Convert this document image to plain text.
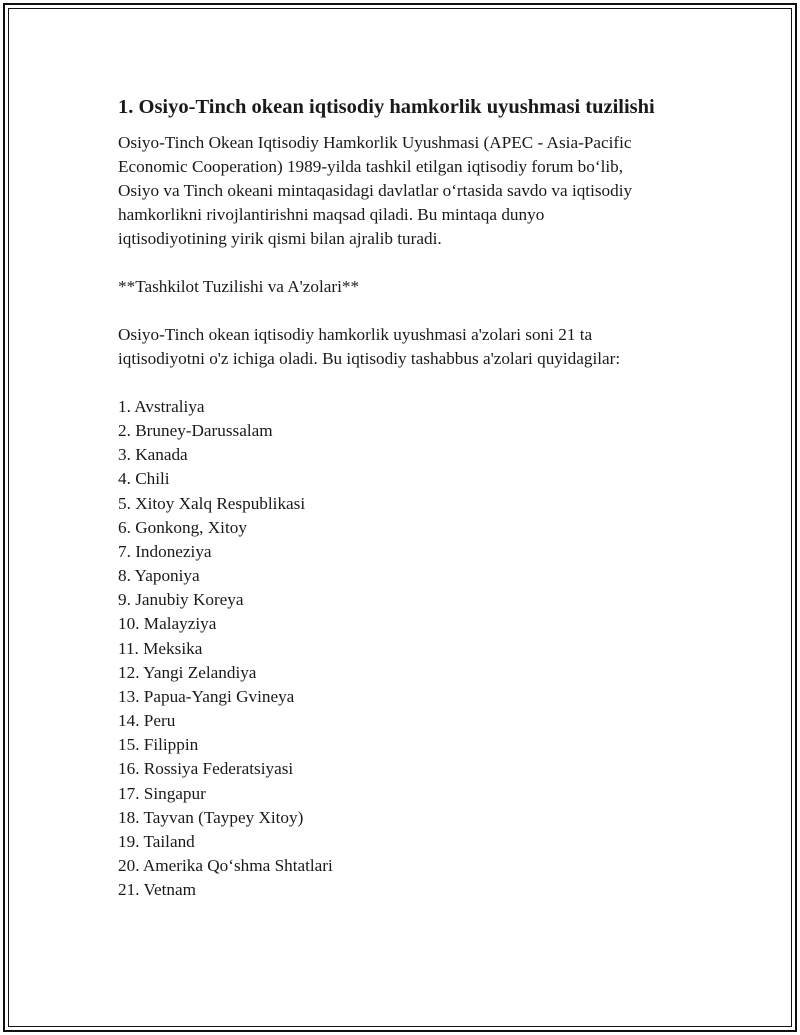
1. Osiyo-Tinch okean iqtisodiy hamkorlik uyushmasi tuzilishi

Osiyo-Tinch Okean Iqtisodiy Hamkorlik Uyushmasi (APEC - Asia-Pacific
Economic Cooperation) 1989-yilda tashkil etilgan iqtisodiy forum bo‘lib,
Osiyo va Tinch okeani mintaqasidagi davlatlar o‘rtasida savdo va iqtisodiy
hamkorlikni rivojlantirishni maqsad qiladi. Bu mintaqa dunyo
iqtisodiyotining yirik qismi bilan ajralib turadi.

**Tashkilot Tuzilishi va A'zolari**

Osiyo-Tinch okean iqtisodiy hamkorlik uyushmasi a'zolari soni 21 ta
iqtisodiyotni o'z ichiga oladi. Bu iqtisodiy tashabbus a'zolari quyidagilar:

1. Avstraliya
2. Bruney-Darussalam
3. Kanada
4. Chili
5. Xitoy Xalq Respublikasi
6. Gonkong, Xitoy
7. Indoneziya
8. Yaponiya
9. Janubiy Koreya
10. Malayziya
11. Meksika
12. Yangi Zelandiya
13. Papua-Yangi Gvineya
14. Peru
15. Filippin
16. Rossiya Federatsiyasi
17. Singapur
18. Tayvan (Taypey Xitoy)
19. Tailand
20. Amerika Qo‘shma Shtatlari
21. Vetnam
